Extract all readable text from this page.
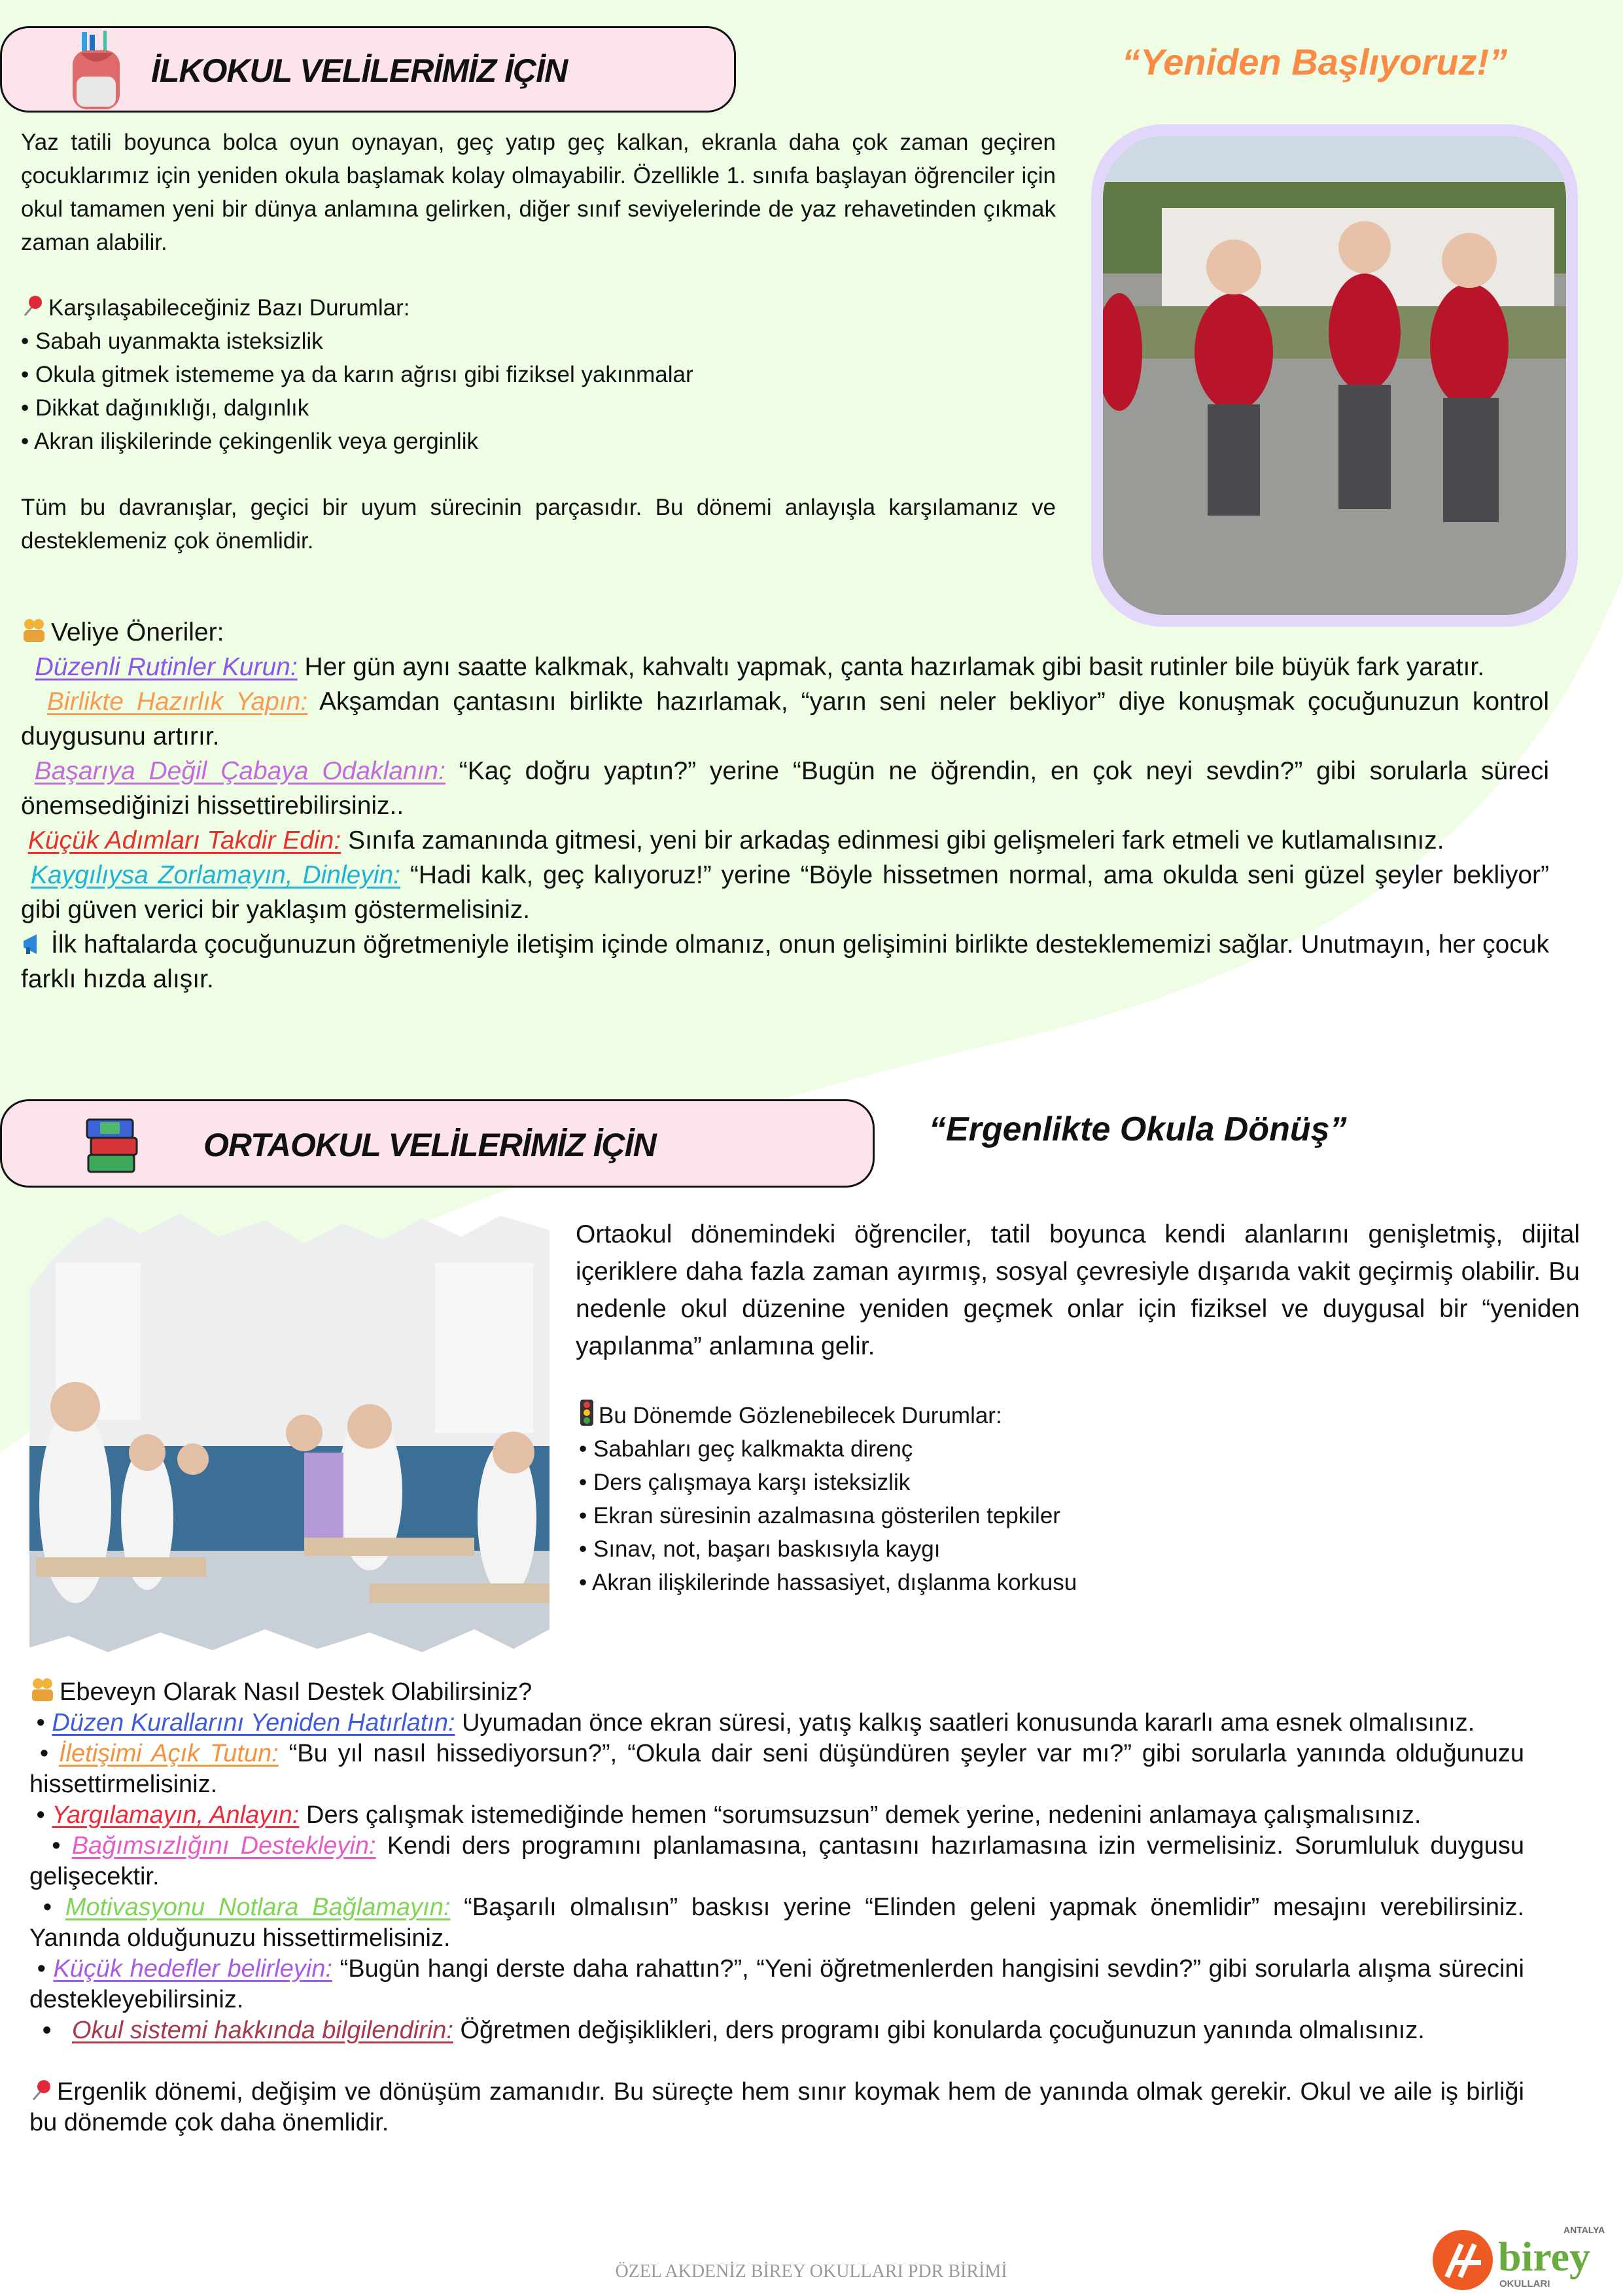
İLKOKUL VELİLERİMİZ İÇİN	“Yeniden Başlıyoruz!”
Yaz tatili boyunca bolca oyun oynayan, geç yatıp geç kalkan, ekranla daha çok zaman geçiren çocuklarımız için yeniden okula başlamak kolay olmayabilir. Özellikle 1. sınıfa başlayan öğrenciler için okul tamamen yeni bir dünya anlamına gelirken, diğer sınıf seviyelerinde de yaz rehavetinden çıkmak zaman alabilir.
Karşılaşabileceğiniz Bazı Durumlar:
• Sabah uyanmakta isteksizlik
• Okula gitmek istememe ya da karın ağrısı gibi fiziksel yakınmalar
• Dikkat dağınıklığı, dalgınlık
• Akran ilişkilerinde çekingenlik veya gerginlik
Tüm bu davranışlar, geçici bir uyum sürecinin parçasıdır. Bu dönemi anlayışla karşılamanız ve desteklemeniz çok önemlidir.
Veliye Öneriler:
Düzenli Rutinler Kurun: Her gün aynı saatte kalkmak, kahvaltı yapmak, çanta hazırlamak gibi basit rutinler bile büyük fark yaratır.
Birlikte Hazırlık Yapın: Akşamdan çantasını birlikte hazırlamak, “yarın seni neler bekliyor” diye konuşmak çocuğunuzun kontrol duygusunu artırır.
Başarıya Değil Çabaya Odaklanın: “Kaç doğru yaptın?” yerine “Bugün ne öğrendin, en çok neyi sevdin?” gibi sorularla süreci önemsediğinizi hissettirebilirsiniz..
Küçük Adımları Takdir Edin: Sınıfa zamanında gitmesi, yeni bir arkadaş edinmesi gibi gelişmeleri fark etmeli ve kutlamalısınız.
Kaygılıysa Zorlamayın, Dinleyin: “Hadi kalk, geç kalıyoruz!” yerine “Böyle hissetmen normal, ama okulda seni güzel şeyler bekliyor” gibi güven verici bir yaklaşım göstermelisiniz.
İlk haftalarda çocuğunuzun öğretmeniyle iletişim içinde olmanız, onun gelişimini birlikte desteklememizi sağlar. Unutmayın, her çocuk farklı hızda alışır.
ORTAOKUL VELİLERİMİZ İÇİN	“Ergenlikte Okula Dönüş”
Ortaokul dönemindeki öğrenciler, tatil boyunca kendi alanlarını genişletmiş, dijital içeriklere daha fazla zaman ayırmış, sosyal çevresiyle dışarıda vakit geçirmiş olabilir. Bu nedenle okul düzenine yeniden geçmek onlar için fiziksel ve duygusal bir “yeniden yapılanma” anlamına gelir.
Bu Dönemde Gözlenebilecek Durumlar:
• Sabahları geç kalkmakta direnç
• Ders çalışmaya karşı isteksizlik
• Ekran süresinin azalmasına gösterilen tepkiler
• Sınav, not, başarı baskısıyla kaygı
• Akran ilişkilerinde hassasiyet, dışlanma korkusu
Ebeveyn Olarak Nasıl Destek Olabilirsiniz?
• Düzen Kurallarını Yeniden Hatırlatın: Uyumadan önce ekran süresi, yatış kalkış saatleri konusunda kararlı ama esnek olmalısınız.
• İletişimi Açık Tutun: “Bu yıl nasıl hissediyorsun?”, “Okula dair seni düşündüren şeyler var mı?” gibi sorularla yanında olduğunuzu hissettirmelisiniz.
• Yargılamayın, Anlayın: Ders çalışmak istemediğinde hemen “sorumsuzsun” demek yerine, nedenini anlamaya çalışmalısınız.
• Bağımsızlığını Destekleyin: Kendi ders programını planlamasına, çantasını hazırlamasına izin vermelisiniz. Sorumluluk duygusu gelişecektir.
• Motivasyonu Notlara Bağlamayın: “Başarılı olmalısın” baskısı yerine “Elinden geleni yapmak önemlidir” mesajını verebilirsiniz. Yanında olduğunuzu hissettirmelisiniz.
• Küçük hedefler belirleyin: “Bugün hangi derste daha rahattın?”, “Yeni öğretmenlerden hangisini sevdin?” gibi sorularla alışma sürecini destekleyebilirsiniz.
• Okul sistemi hakkında bilgilendirin: Öğretmen değişiklikleri, ders programı gibi konularda çocuğunuzun yanında olmalısınız.
Ergenlik dönemi, değişim ve dönüşüm zamanıdır. Bu süreçte hem sınır koymak hem de yanında olmak gerekir. Okul ve aile iş birliği bu dönemde çok daha önemlidir.
ÖZEL AKDENİZ BİREY OKULLARI PDR BİRİMİ
ANTALYA
birey
OKULLARI
